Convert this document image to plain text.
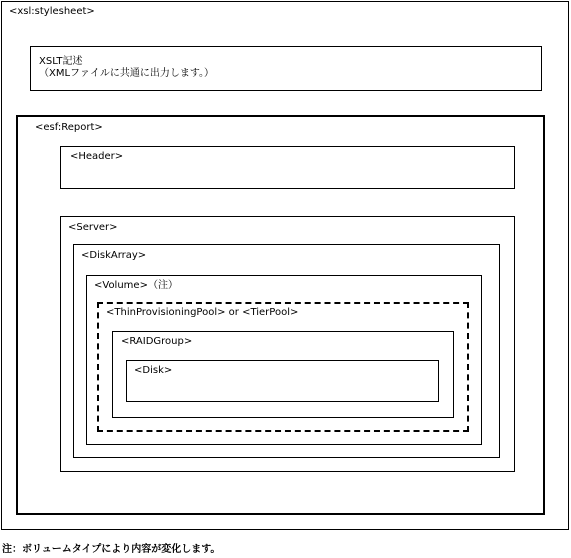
<xsl:stylesheet>
XSLT記述
（XMLファイルに共通に出力します。）
<esf:Report>
<Header>
<Server>
<DiskArray>
<Volume>（注）
<ThinProvisioningPool> or <TierPool>
<RAIDGroup>
<Disk>
注：ボリュームタイプにより内容が変化します。
